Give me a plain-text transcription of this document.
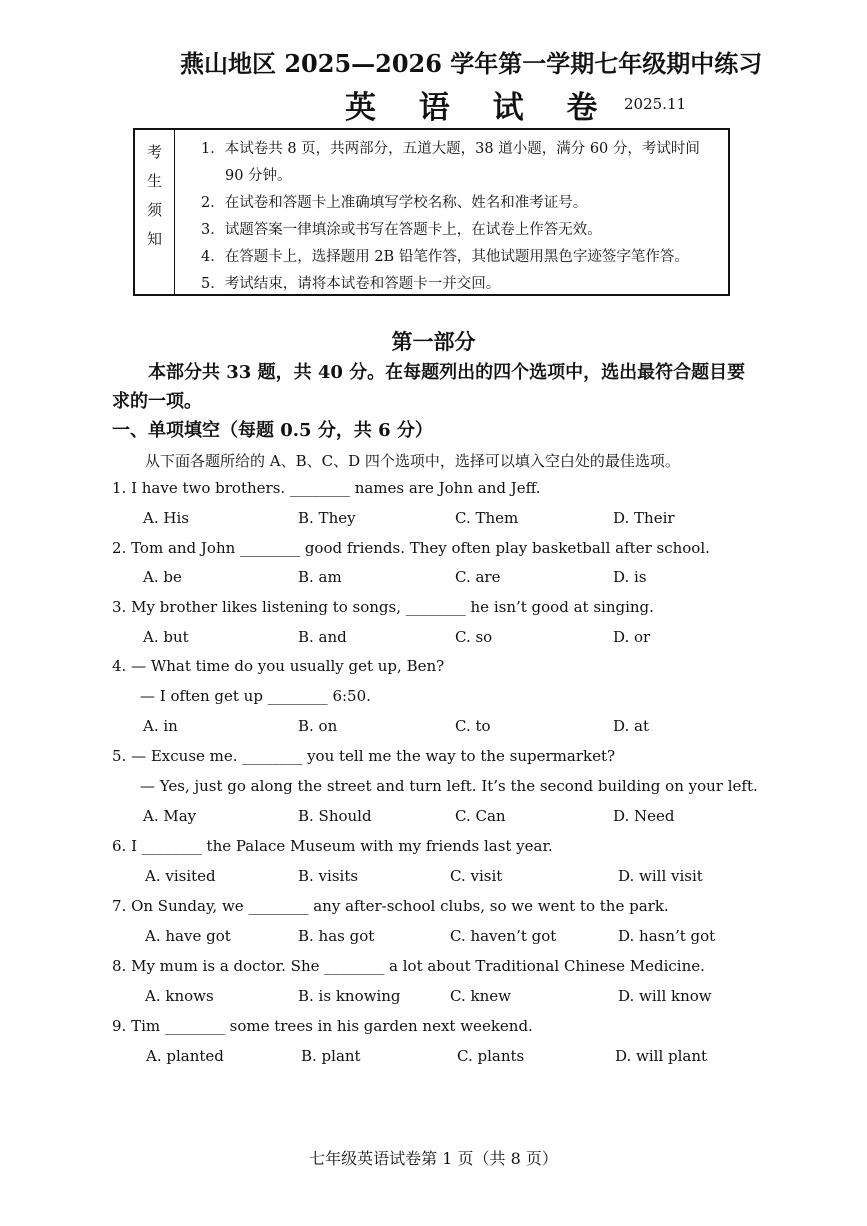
燕山地区 2025—2026 学年第一学期七年级期中练习
英 语 试 卷 2025.11
考
生
须
知
1．本试卷共 8 页，共两部分，五道大题，38 道小题，满分 60 分，考试时间
90 分钟。
2．在试卷和答题卡上准确填写学校名称、姓名和准考证号。
3．试题答案一律填涂或书写在答题卡上，在试卷上作答无效。
4．在答题卡上，选择题用 2B 铅笔作答，其他试题用黑色字迹签字笔作答。
5．考试结束，请将本试卷和答题卡一并交回。
第一部分
本部分共 33 题，共 40 分。在每题列出的四个选项中，选出最符合题目要求的一项。
一、单项填空（每题 0.5 分，共 6 分）
从下面各题所给的 A、B、C、D 四个选项中，选择可以填入空白处的最佳选项。
1. I have two brothers. ________ names are John and Jeff.
A. His	B. They	C. Them	D. Their
2. Tom and John ________ good friends. They often play basketball after school.
A. be	B. am	C. are	D. is
3. My brother likes listening to songs, ________ he isn’t good at singing.
A. but	B. and	C. so	D. or
4. — What time do you usually get up, Ben?
— I often get up ________ 6:50.
A. in	B. on	C. to	D. at
5. — Excuse me. ________ you tell me the way to the supermarket?
— Yes, just go along the street and turn left. It’s the second building on your left.
A. May	B. Should	C. Can	D. Need
6. I ________ the Palace Museum with my friends last year.
A. visited	B. visits	C. visit	D. will visit
7. On Sunday, we ________ any after-school clubs, so we went to the park.
A. have got	B. has got	C. haven’t got	D. hasn’t got
8. My mum is a doctor. She ________ a lot about Traditional Chinese Medicine.
A. knows	B. is knowing	C. knew	D. will know
9. Tim ________ some trees in his garden next weekend.
A. planted	B. plant	C. plants	D. will plant
七年级英语试卷第 1 页（共 8 页）
